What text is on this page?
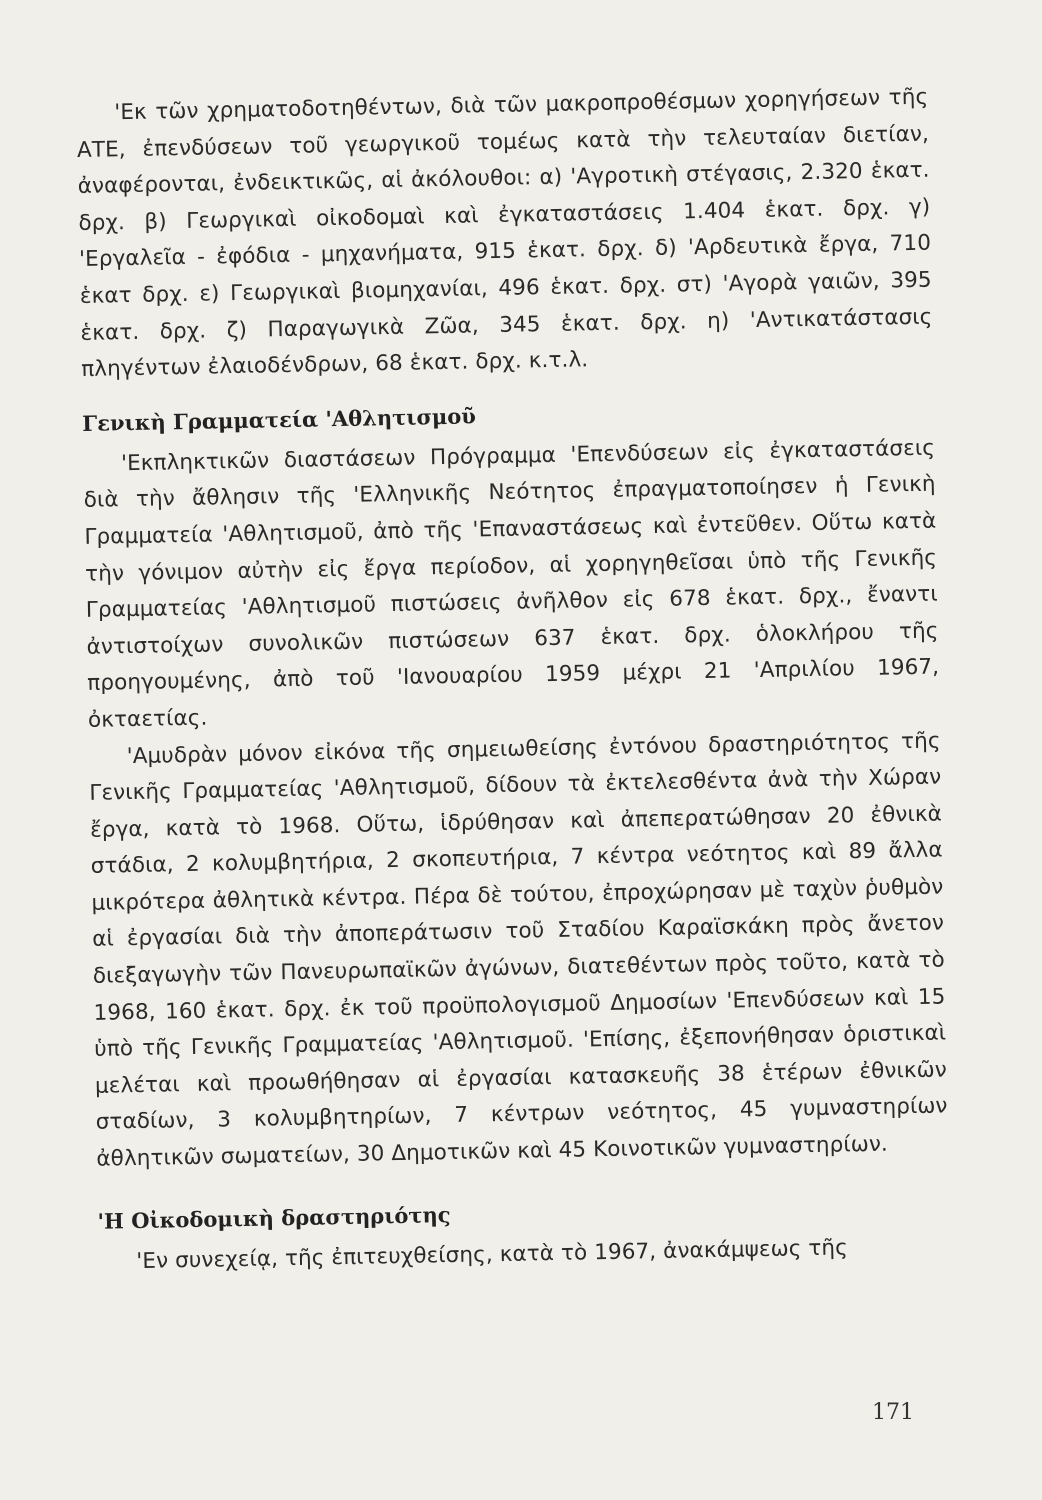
'Εκ τῶν χρηματοδοτηθέντων, διὰ τῶν μακροπροθέσμων χορηγήσεων τῆς ΑΤΕ, ἐπενδύσεων τοῦ γεωργικοῦ τομέως κατὰ τὴν τελευταίαν διετίαν, ἀναφέρονται, ἐνδεικτικῶς, αἱ ἀκόλουθοι: α) 'Αγροτικὴ στέγασις, 2.320 ἑκατ. δρχ. β) Γεωργικαὶ οἰκοδομαὶ καὶ ἐγκαταστάσεις 1.404 ἑκατ. δρχ. γ) 'Εργαλεῖα - ἐφόδια - μηχανήματα, 915 ἑκατ. δρχ. δ) 'Αρδευτικὰ ἔργα, 710 ἑκατ δρχ. ε) Γεωργικαὶ βιομηχανίαι, 496 ἑκατ. δρχ. στ) 'Αγορὰ γαιῶν, 395 ἑκατ. δρχ. ζ) Παραγωγικὰ Ζῶα, 345 ἑκατ. δρχ. η) 'Αντικατάστασις πληγέντων ἐλαιοδένδρων, 68 ἑκατ. δρχ. κ.τ.λ.

Γενικὴ Γραμματεία 'Αθλητισμοῦ

'Εκπληκτικῶν διαστάσεων Πρόγραμμα 'Επενδύσεων εἰς ἐγκαταστάσεις διὰ τὴν ἄθλησιν τῆς 'Ελληνικῆς Νεότητος ἐπραγματοποίησεν ἡ Γενικὴ Γραμματεία 'Αθλητισμοῦ, ἀπὸ τῆς 'Επαναστάσεως καὶ ἐντεῦθεν. Οὕτω κατὰ τὴν γόνιμον αὐτὴν εἰς ἔργα περίοδον, αἱ χορηγηθεῖσαι ὑπὸ τῆς Γενικῆς Γραμματείας 'Αθλητισμοῦ πιστώσεις ἀνῆλθον εἰς 678 ἑκατ. δρχ., ἔναντι ἀντιστοίχων συνολικῶν πιστώσεων 637 ἑκατ. δρχ. ὁλοκλήρου τῆς προηγουμένης, ἀπὸ τοῦ 'Ιανουαρίου 1959 μέχρι 21 'Απριλίου 1967, ὀκταετίας.

'Αμυδρὰν μόνον εἰκόνα τῆς σημειωθείσης ἐντόνου δραστηριότητος τῆς Γενικῆς Γραμματείας 'Αθλητισμοῦ, δίδουν τὰ ἐκτελεσθέντα ἀνὰ τὴν Χώραν ἔργα, κατὰ τὸ 1968. Οὕτω, ἱδρύθησαν καὶ ἀπεπερατώθησαν 20 ἐθνικὰ στάδια, 2 κολυμβητήρια, 2 σκοπευτήρια, 7 κέντρα νεότητος καὶ 89 ἄλλα μικρότερα ἀθλητικὰ κέντρα. Πέρα δὲ τούτου, ἐπροχώρησαν μὲ ταχὺν ῥυθμὸν αἱ ἐργασίαι διὰ τὴν ἀποπεράτωσιν τοῦ Σταδίου Καραϊσκάκη πρὸς ἄνετον διεξαγωγὴν τῶν Πανευρωπαϊκῶν ἀγώνων, διατεθέντων πρὸς τοῦτο, κατὰ τὸ 1968, 160 ἑκατ. δρχ. ἐκ τοῦ προϋπολογισμοῦ Δημοσίων 'Επενδύσεων καὶ 15 ὑπὸ τῆς Γενικῆς Γραμματείας 'Αθλητισμοῦ. 'Επίσης, ἐξεπονήθησαν ὁριστικαὶ μελέται καὶ προωθήθησαν αἱ ἐργασίαι κατασκευῆς 38 ἑτέρων ἐθνικῶν σταδίων, 3 κολυμβητηρίων, 7 κέντρων νεότητος, 45 γυμναστηρίων ἀθλητικῶν σωματείων, 30 Δημοτικῶν καὶ 45 Κοινοτικῶν γυμναστηρίων.

'Η Οἰκοδομικὴ δραστηριότης

'Εν συνεχείᾳ, τῆς ἐπιτευχθείσης, κατὰ τὸ 1967, ἀνακάμψεως τῆς

171
